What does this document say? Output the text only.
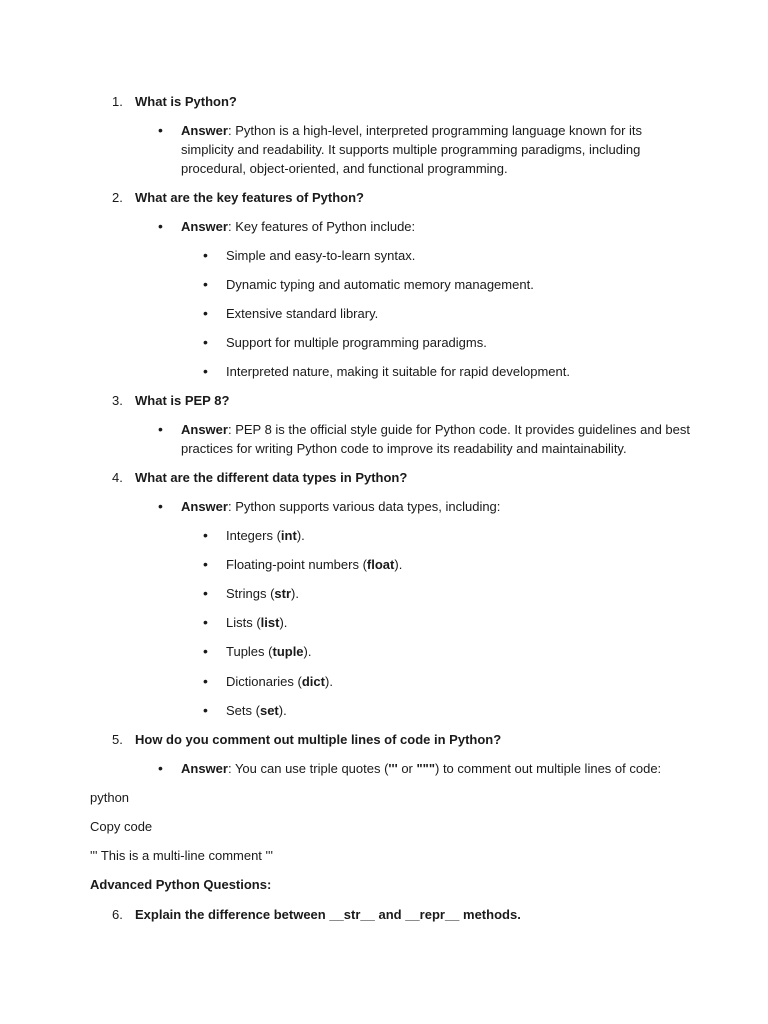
1. What is Python?
• Answer: Python is a high-level, interpreted programming language known for its
simplicity and readability. It supports multiple programming paradigms, including
procedural, object-oriented, and functional programming.
2. What are the key features of Python?
• Answer: Key features of Python include:
• Simple and easy-to-learn syntax.
• Dynamic typing and automatic memory management.
• Extensive standard library.
• Support for multiple programming paradigms.
• Interpreted nature, making it suitable for rapid development.
3. What is PEP 8?
• Answer: PEP 8 is the official style guide for Python code. It provides guidelines and best
practices for writing Python code to improve its readability and maintainability.
4. What are the different data types in Python?
• Answer: Python supports various data types, including:
• Integers (int).
• Floating-point numbers (float).
• Strings (str).
• Lists (list).
• Tuples (tuple).
• Dictionaries (dict).
• Sets (set).
5. How do you comment out multiple lines of code in Python?
• Answer: You can use triple quotes (''' or """) to comment out multiple lines of code:
python
Copy code
''' This is a multi-line comment '''
Advanced Python Questions:
6. Explain the difference between __str__ and __repr__ methods.
